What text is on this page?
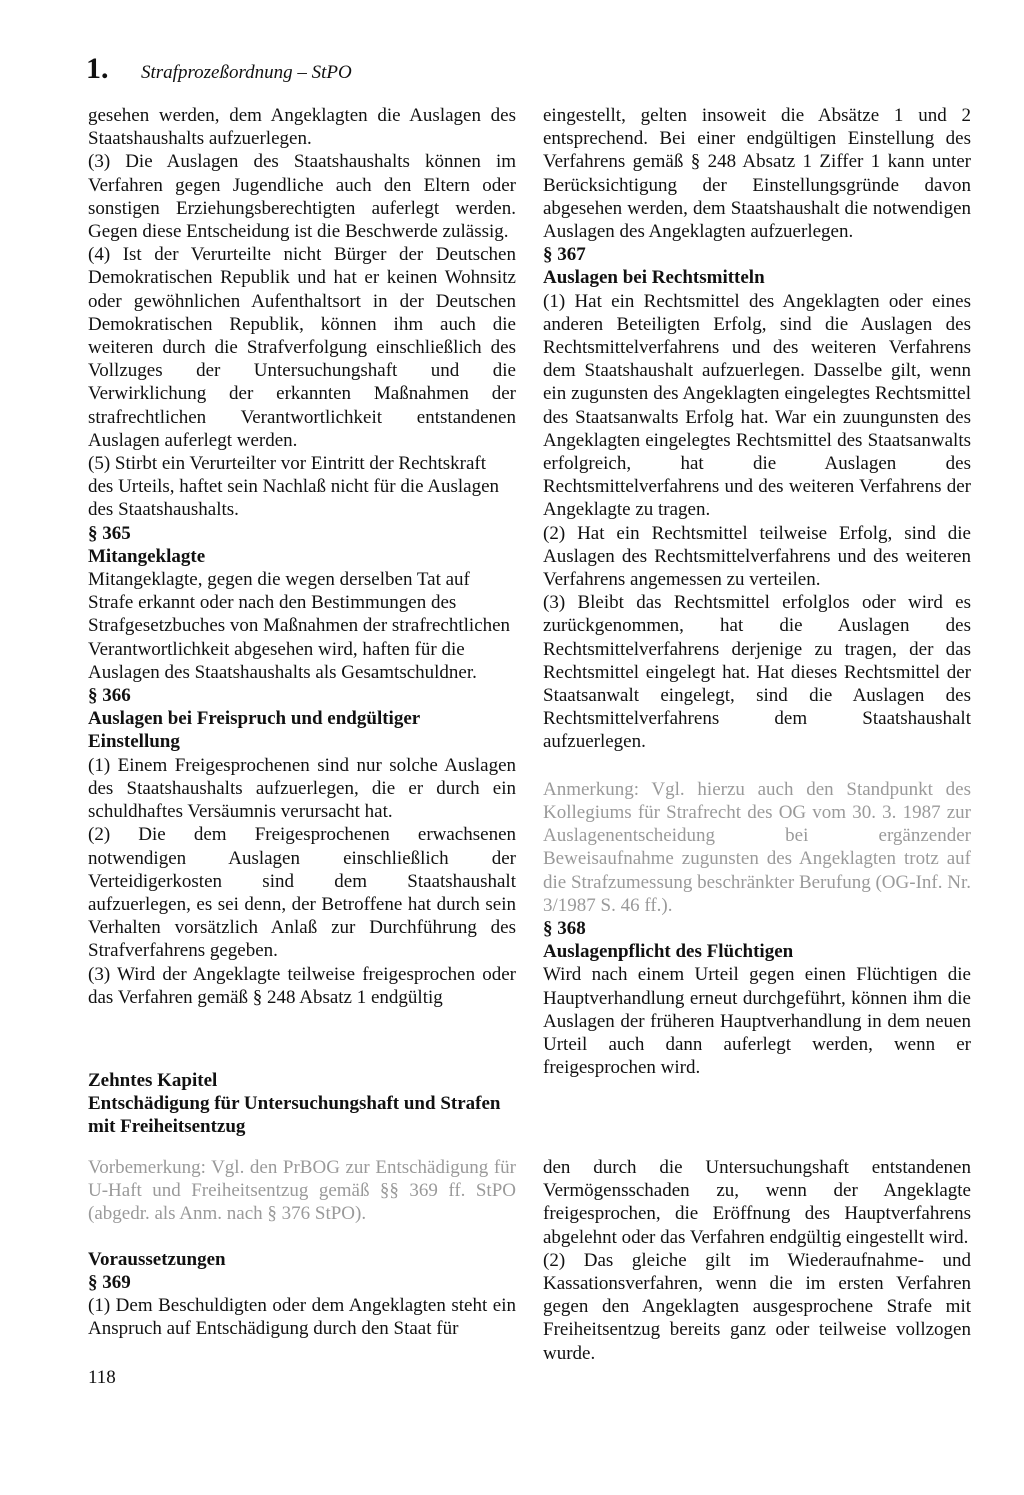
1. Strafprozeßordnung – StPO

gesehen werden, dem Angeklagten die Auslagen des Staatshaushalts aufzuerlegen.

(3) Die Auslagen des Staatshaushalts können im Verfahren gegen Jugendliche auch den Eltern oder sonstigen Erziehungsberechtigten auferlegt werden. Gegen diese Entscheidung ist die Beschwerde zulässig.

(4) Ist der Verurteilte nicht Bürger der Deutschen Demokratischen Republik und hat er keinen Wohnsitz oder gewöhnlichen Aufenthaltsort in der Deutschen Demokratischen Republik, können ihm auch die weiteren durch die Strafverfolgung einschließlich des Vollzuges der Untersuchungshaft und die Verwirklichung der erkannten Maßnahmen der strafrechtlichen Verantwortlichkeit entstandenen Auslagen auferlegt werden.

(5) Stirbt ein Verurteilter vor Eintritt der Rechtskraft des Urteils, haftet sein Nachlaß nicht für die Auslagen des Staatshaushalts.

§ 365

Mitangeklagte

Mitangeklagte, gegen die wegen derselben Tat auf Strafe erkannt oder nach den Bestimmungen des Strafgesetzbuches von Maßnahmen der strafrechtlichen Verantwortlichkeit abgesehen wird, haften für die Auslagen des Staatshaushalts als Gesamtschuldner.

§ 366

Auslagen bei Freispruch und endgültiger Einstellung

(1) Einem Freigesprochenen sind nur solche Auslagen des Staatshaushalts aufzuerlegen, die er durch ein schuldhaftes Versäumnis verursacht hat.

(2) Die dem Freigesprochenen erwachsenen notwendigen Auslagen einschließlich der Verteidigerkosten sind dem Staatshaushalt aufzuerlegen, es sei denn, der Betroffene hat durch sein Verhalten vorsätzlich Anlaß zur Durchführung des Strafverfahrens gegeben.

(3) Wird der Angeklagte teilweise freigesprochen oder das Verfahren gemäß § 248 Absatz 1 endgültig

eingestellt, gelten insoweit die Absätze 1 und 2 entsprechend. Bei einer endgültigen Einstellung des Verfahrens gemäß § 248 Absatz 1 Ziffer 1 kann unter Berücksichtigung der Einstellungsgründe davon abgesehen werden, dem Staatshaushalt die notwendigen Auslagen des Angeklagten aufzuerlegen.

§ 367

Auslagen bei Rechtsmitteln

(1) Hat ein Rechtsmittel des Angeklagten oder eines anderen Beteiligten Erfolg, sind die Auslagen des Rechtsmittelverfahrens und des weiteren Verfahrens dem Staatshaushalt aufzuerlegen. Dasselbe gilt, wenn ein zugunsten des Angeklagten eingelegtes Rechtsmittel des Staatsanwalts Erfolg hat. War ein zuungunsten des Angeklagten eingelegtes Rechtsmittel des Staatsanwalts erfolgreich, hat die Auslagen des Rechtsmittelverfahrens und des weiteren Verfahrens der Angeklagte zu tragen.

(2) Hat ein Rechtsmittel teilweise Erfolg, sind die Auslagen des Rechtsmittelverfahrens und des weiteren Verfahrens angemessen zu verteilen.

(3) Bleibt das Rechtsmittel erfolglos oder wird es zurückgenommen, hat die Auslagen des Rechtsmittelverfahrens derjenige zu tragen, der das Rechtsmittel eingelegt hat. Hat dieses Rechtsmittel der Staatsanwalt eingelegt, sind die Auslagen des Rechtsmittelverfahrens dem Staatshaushalt aufzuerlegen.

Anmerkung: Vgl. hierzu auch den Standpunkt des Kollegiums für Strafrecht des OG vom 30. 3. 1987 zur Auslagenentscheidung bei ergänzender Beweisaufnahme zugunsten des Angeklagten trotz auf die Strafzumessung beschränkter Berufung (OG-Inf. Nr. 3/1987 S. 46 ff.).

§ 368

Auslagenpflicht des Flüchtigen

Wird nach einem Urteil gegen einen Flüchtigen die Hauptverhandlung erneut durchgeführt, können ihm die Auslagen der früheren Hauptverhandlung in dem neuen Urteil auch dann auferlegt werden, wenn er freigesprochen wird.

Zehntes Kapitel

Entschädigung für Untersuchungshaft und Strafen mit Freiheitsentzug

Vorbemerkung: Vgl. den PrBOG zur Entschädigung für U-Haft und Freiheitsentzug gemäß §§ 369 ff. StPO (abgedr. als Anm. nach § 376 StPO).

Voraussetzungen

§ 369

(1) Dem Beschuldigten oder dem Angeklagten steht ein Anspruch auf Entschädigung durch den Staat für

den durch die Untersuchungshaft entstandenen Vermögensschaden zu, wenn der Angeklagte freigesprochen, die Eröffnung des Hauptverfahrens abgelehnt oder das Verfahren endgültig eingestellt wird.

(2) Das gleiche gilt im Wiederaufnahme- und Kassationsverfahren, wenn die im ersten Verfahren gegen den Angeklagten ausgesprochene Strafe mit Freiheitsentzug bereits ganz oder teilweise vollzogen wurde.

118
